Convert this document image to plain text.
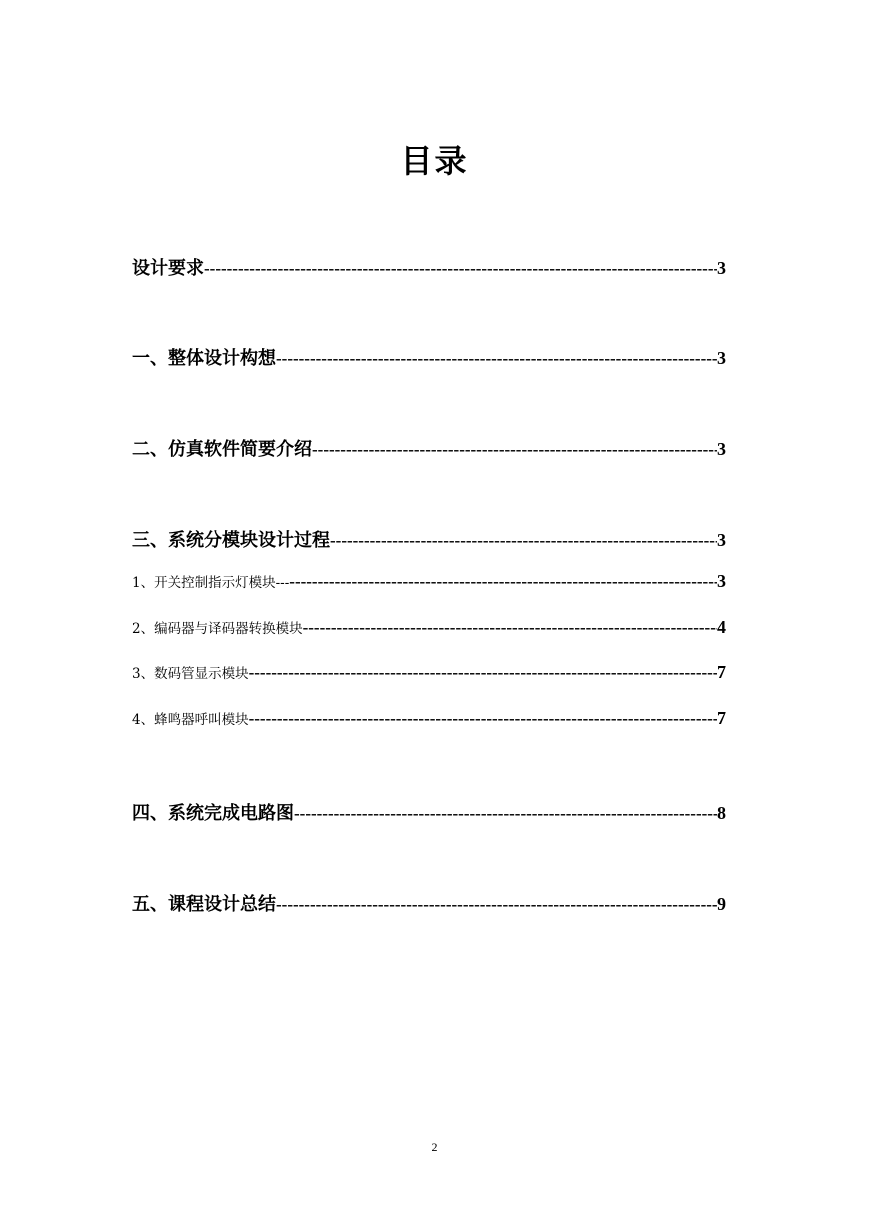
目录
设计要求 -----	3
一、整体设计构想 -----	3
二、仿真软件简要介绍 -----	3
三、系统分模块设计过程 -----	3
1、开关控制指示灯模块--- -----	3
2、编码器与译码器转换模块 -----	4
3、数码管显示模块 -----	7
4、蜂鸣器呼叫模块 -----	7
四、系统完成电路图 -----	8
五、课程设计总结 -----	9
2
